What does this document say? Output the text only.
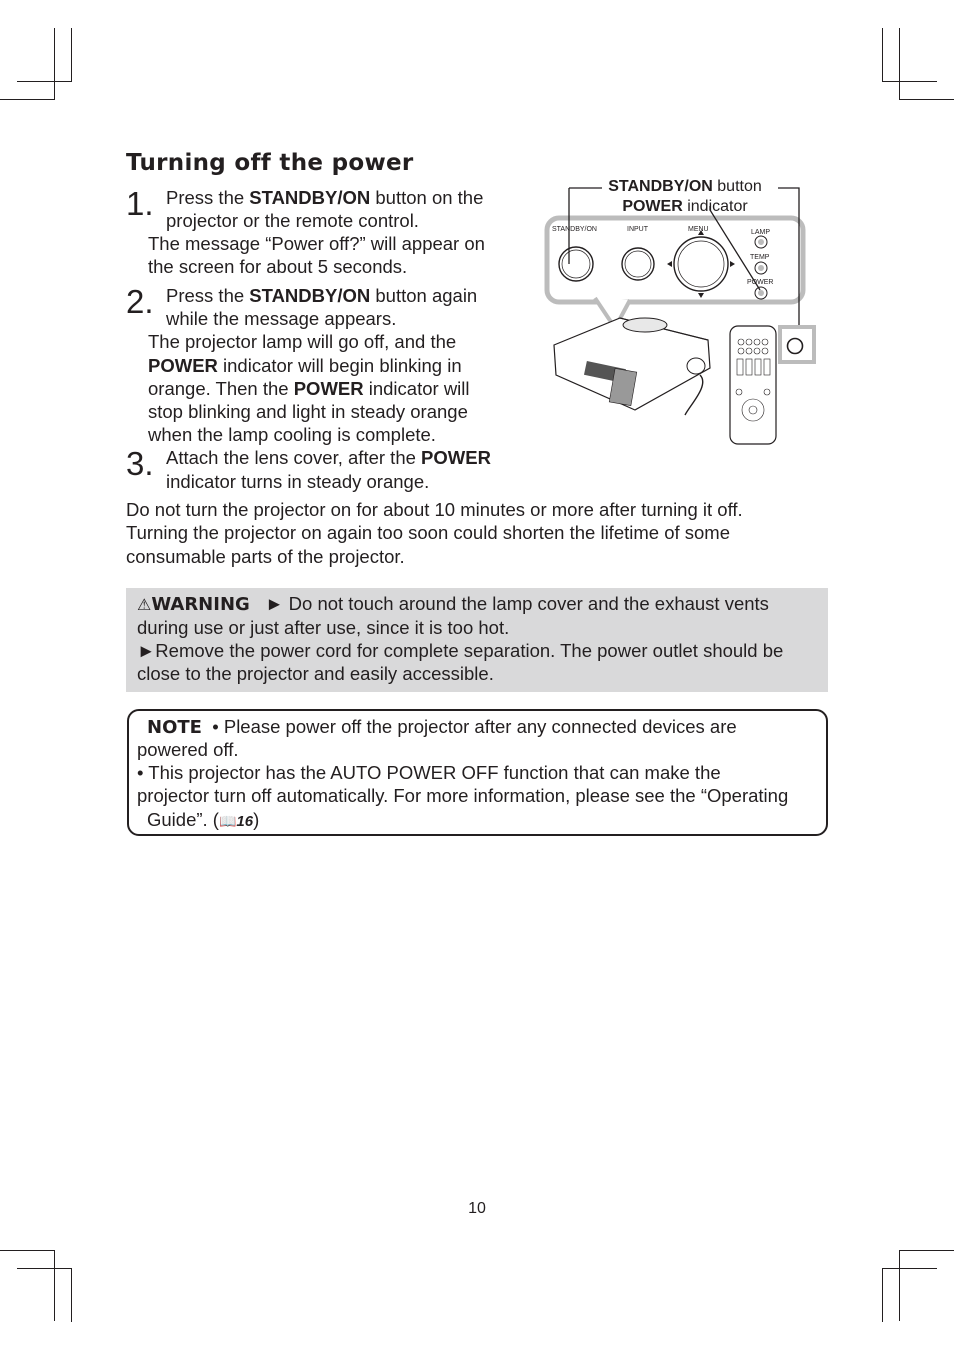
Turning off the power
1. Press the STANDBY/ON button on the
projector or the remote control.
The message “Power off?” will appear on
the screen for about 5 seconds.
2. Press the STANDBY/ON button again
while the message appears.
The projector lamp will go off, and the
POWER indicator will begin blinking in
orange. Then the POWER indicator will
stop blinking and light in steady orange
when the lamp cooling is complete.
3. Attach the lens cover, after the POWER
indicator turns in steady orange.
Do not turn the projector on for about 10 minutes or more after turning it off.
Turning the projector on again too soon could shorten the lifetime of some
consumable parts of the projector.
STANDBY/ON	INPUT	MENU	LAMP
TEMP
POWER
STANDBY/ON button
POWER indicator
⚠WARNING ► Do not touch around the lamp cover and the exhaust vents
during use or just after use, since it is too hot.
►Remove the power cord for complete separation. The power outlet should be
close to the projector and easily accessible.
NOTE • Please power off the projector after any connected devices are
powered off.
• This projector has the AUTO POWER OFF function that can make the
projector turn off automatically. For more information, please see the “Operating
Guide”. (📖16)
10
